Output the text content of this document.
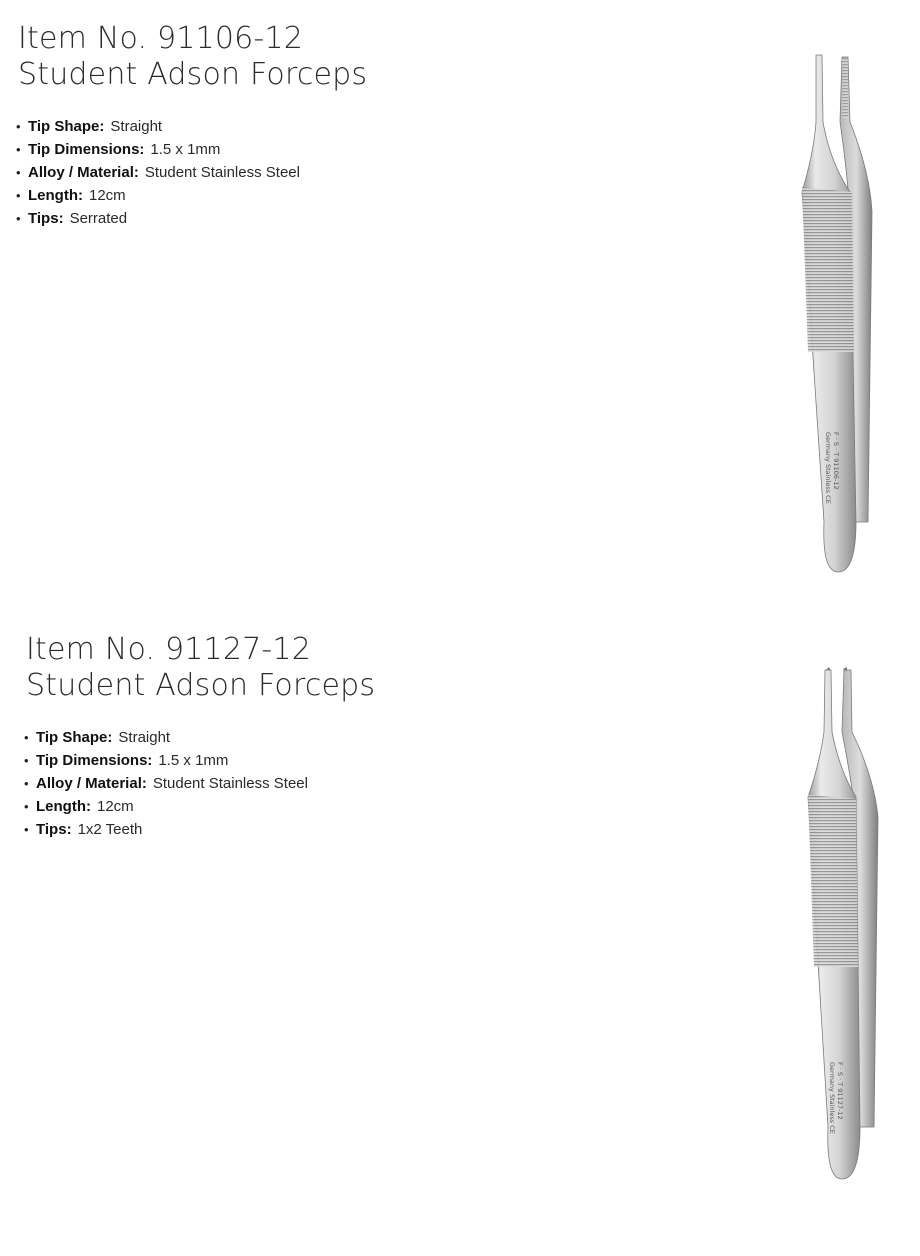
Item No. 91106-12
Student Adson Forceps
• Tip Shape: Straight
• Tip Dimensions: 1.5 x 1mm
• Alloy / Material: Student Stainless Steel
• Length: 12cm
• Tips: Serrated
F · S · T 91106-12
Germany Stainless CE
Item No. 91127-12
Student Adson Forceps
• Tip Shape: Straight
• Tip Dimensions: 1.5 x 1mm
• Alloy / Material: Student Stainless Steel
• Length: 12cm
• Tips: 1x2 Teeth
F · S · T 91127-12
Germany Stainless CE
